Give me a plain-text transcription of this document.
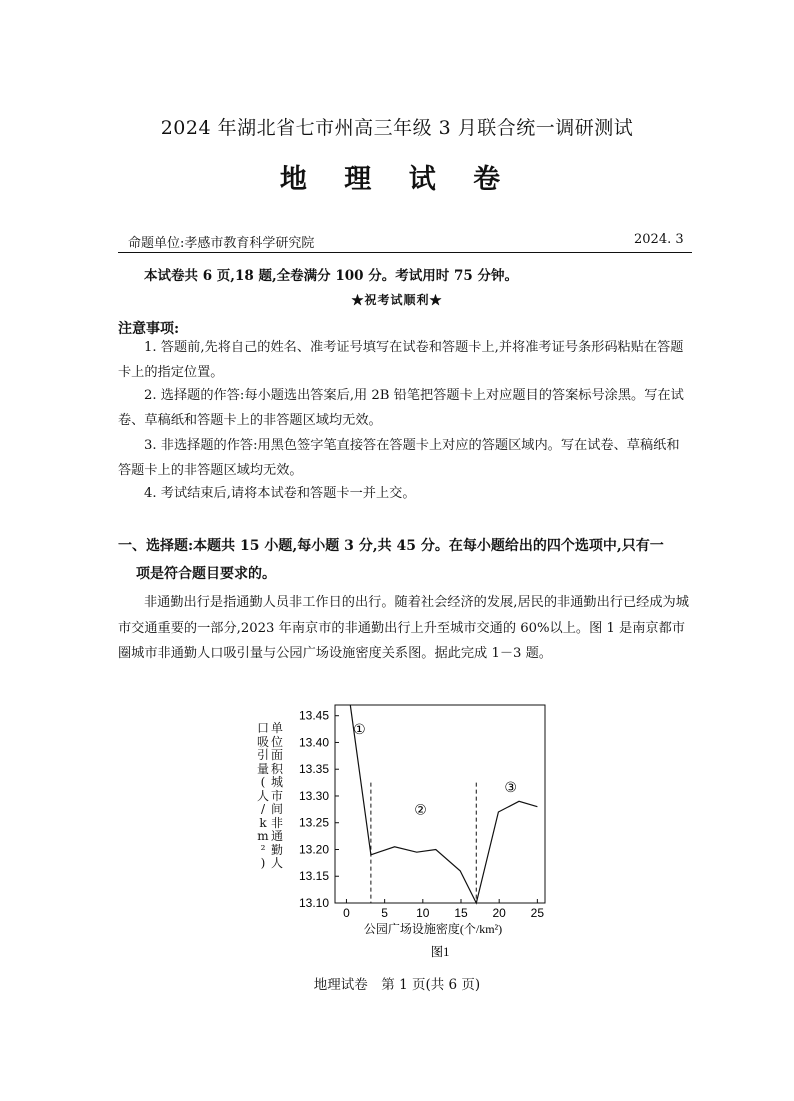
2024 年湖北省七市州高三年级 3 月联合统一调研测试
地 理 试 卷
命题单位:孝感市教育科学研究院	2024. 3
本试卷共 6 页,18 题,全卷满分 100 分。考试用时 75 分钟。
★祝考试顺利★
注意事项:
1. 答题前,先将自己的姓名、准考证号填写在试卷和答题卡上,并将准考证号条形码粘贴在答题卡上的指定位置。
2. 选择题的作答:每小题选出答案后,用 2B 铅笔把答题卡上对应题目的答案标号涂黑。写在试卷、草稿纸和答题卡上的非答题区域均无效。
3. 非选择题的作答:用黑色签字笔直接答在答题卡上对应的答题区域内。写在试卷、草稿纸和答题卡上的非答题区域均无效。
4. 考试结束后,请将本试卷和答题卡一并上交。
一、选择题:本题共 15 小题,每小题 3 分,共 45 分。在每小题给出的四个选项中,只有一
项是符合题目要求的。
非通勤出行是指通勤人员非工作日的出行。随着社会经济的发展,居民的非通勤出行已经成为城市交通重要的一部分,2023 年南京市的非通勤出行上升至城市交通的 60%以上。图 1 是南京都市圈城市非通勤人口吸引量与公园广场设施密度关系图。据此完成 1－3 题。
13.10
13.15
13.20
13.25
13.30
13.35
13.40
13.45
0	5 10 15 20 25
①
②
③
公园广场设施密度(个/km²)
图1
单
位
面
积
城
市
间
非
通
勤
人
口
吸
引
量
(
人
/
k
m
²
)
地理试卷　第 1 页(共 6 页)
